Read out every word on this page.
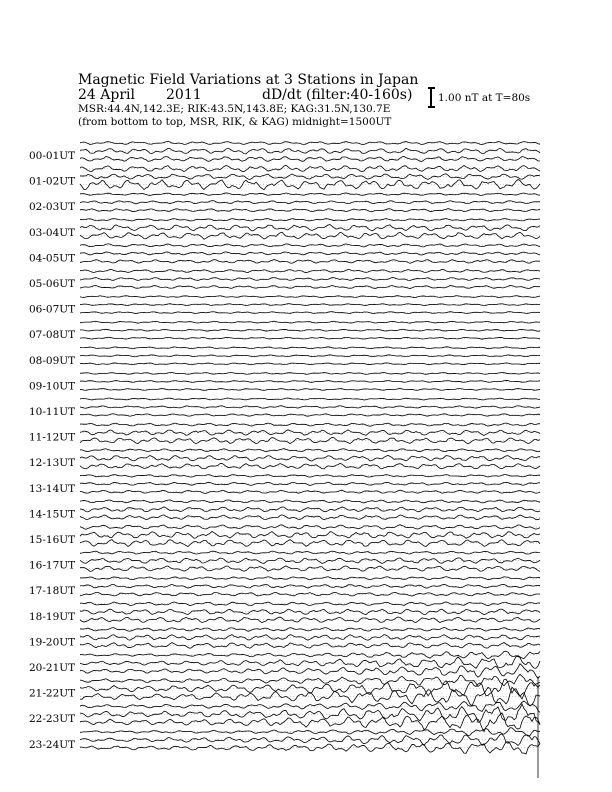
Magnetic Field Variations at 3 Stations in Japan
24 April 2011	dD/dt (filter:40-160s)
MSR:44.4N,142.3E; RIK:43.5N,143.8E; KAG:31.5N,130.7E
(from bottom to top, MSR, RIK, & KAG) midnight=1500UT
1.00 nT at T=80s
00-01UT
01-02UT
02-03UT
03-04UT
04-05UT
05-06UT
06-07UT
07-08UT
08-09UT
09-10UT
10-11UT
11-12UT
12-13UT
13-14UT
14-15UT
15-16UT
16-17UT
17-18UT
18-19UT
19-20UT
20-21UT
21-22UT
22-23UT
23-24UT
